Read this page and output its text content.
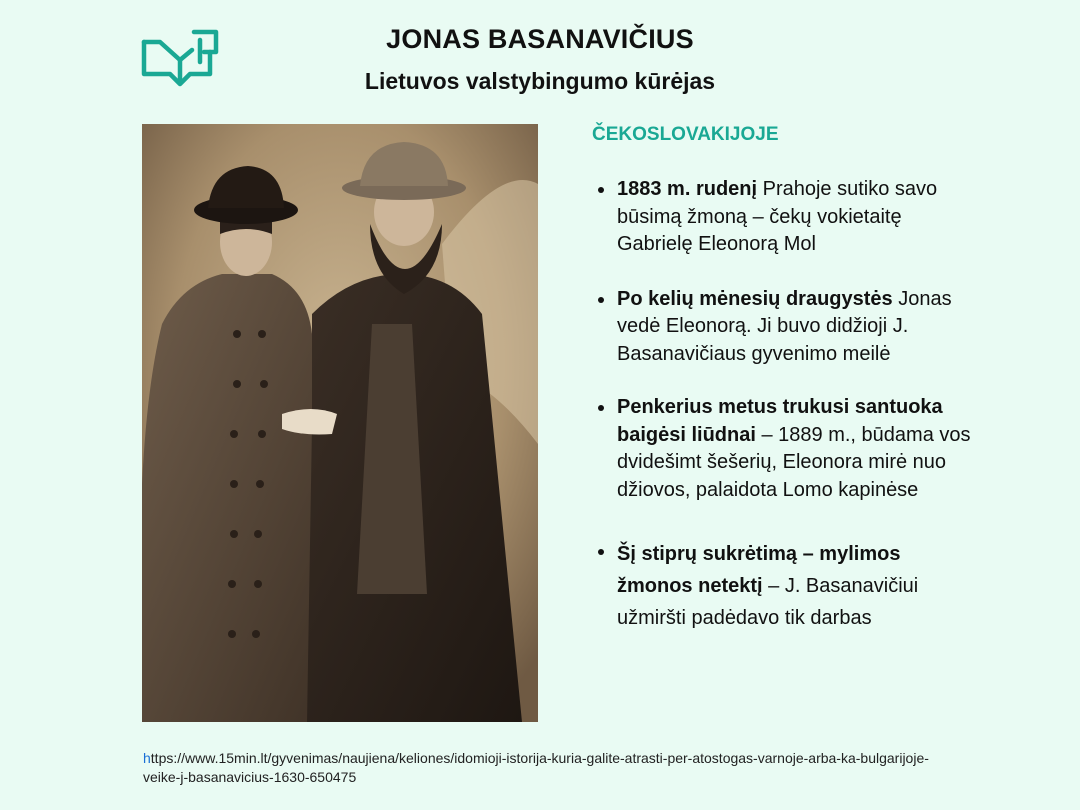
JONAS BASANAVIČIUS
Lietuvos valstybingumo kūrėjas
ČEKOSLOVAKIJOJE
1883 m. rudenį Prahoje sutiko savo būsimą žmoną – čekų vokietaitę Gabrielę Eleonorą Mol
Po kelių mėnesių draugystės Jonas vedė Eleonorą. Ji buvo didžioji J. Basanavičiaus gyvenimo meilė
Penkerius metus trukusi santuoka baigėsi liūdnai – 1889 m., būdama vos dvidešimt šešerių, Eleonora mirė nuo džiovos, palaidota Lomo kapinėse
Šį stiprų sukrėtimą – mylimos žmonos netektį – J. Basanavičiui užmiršti padėdavo tik darbas
https://www.15min.lt/gyvenimas/naujiena/keliones/idomioji-istorija-kuria-galite-atrasti-per-atostogas-varnoje-arba-ka-bulgarijoje-veike-j-basanavicius-1630-650475
